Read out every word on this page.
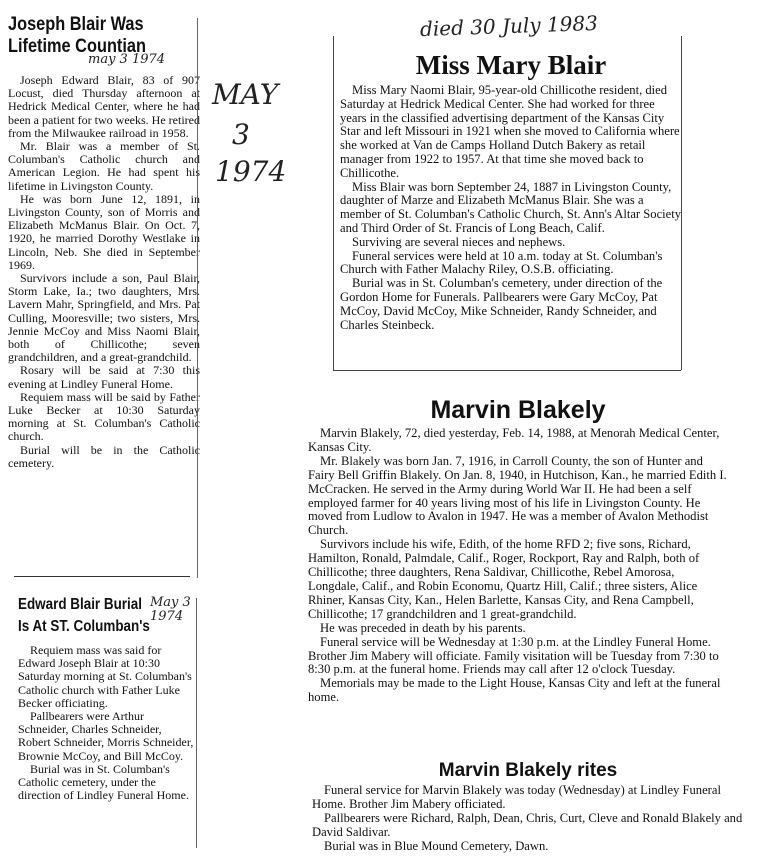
Joseph Blair Was
Lifetime Countian

Joseph Edward Blair, 83 of 907 Locust, died Thursday afternoon at Hedrick Medical Center, where he had been a patient for two weeks. He retired from the Milwaukee railroad in 1958.

Mr. Blair was a member of St. Columban's Catholic church and American Legion. He had spent his lifetime in Livingston County.

He was born June 12, 1891, in Livingston County, son of Morris and Elizabeth McManus Blair. On Oct. 7, 1920, he married Dorothy Westlake in Lincoln, Neb. She died in September 1969.

Survivors include a son, Paul Blair, Storm Lake, Ia.; two daughters, Mrs. Lavern Mahr, Springfield, and Mrs. Pat Culling, Mooresville; two sisters, Mrs. Jennie McCoy and Miss Naomi Blair, both of Chillicothe; seven grandchildren, and a great-grandchild.

Rosary will be said at 7:30 this evening at Lindley Funeral Home.

Requiem mass will be said by Father Luke Becker at 10:30 Saturday morning at St. Columban's Catholic church.

Burial will be in the Catholic cemetery.

may 3 1974
MAY
3
1974
Edward Blair Burial
Is At ST. Columban's

Requiem mass was said for Edward Joseph Blair at 10:30 Saturday morning at St. Columban's Catholic church with Father Luke Becker officiating.

Pallbearers were Arthur Schneider, Charles Schneider, Robert Schneider, Morris Schneider, Brownie McCoy, and Bill McCoy.

Burial was in St. Columban's Catholic cemetery, under the direction of Lindley Funeral Home.

May 3 1974
died 30 July 1983
Miss Mary Blair

Miss Mary Naomi Blair, 95-year-old Chillicothe resident, died Saturday at Hedrick Medical Center. She had worked for three years in the classified advertising department of the Kansas City Star and left Missouri in 1921 when she moved to California where she worked at Van de Camps Holland Dutch Bakery as retail manager from 1922 to 1957. At that time she moved back to Chillicothe.

Miss Blair was born September 24, 1887 in Livingston County, daughter of Marze and Elizabeth McManus Blair. She was a member of St. Columban's Catholic Church, St. Ann's Altar Society and Third Order of St. Francis of Long Beach, Calif.

Surviving are several nieces and nephews.

Funeral services were held at 10 a.m. today at St. Columban's Church with Father Malachy Riley, O.S.B. officiating.

Burial was in St. Columban's cemetery, under direction of the Gordon Home for Funerals. Pallbearers were Gary McCoy, Pat McCoy, David McCoy, Mike Schneider, Randy Schneider, and Charles Steinbeck.

Marvin Blakely

Marvin Blakely, 72, died yesterday, Feb. 14, 1988, at Menorah Medical Center, Kansas City.

Mr. Blakely was born Jan. 7, 1916, in Carroll County, the son of Hunter and Fairy Bell Griffin Blakely. On Jan. 8, 1940, in Hutchison, Kan., he married Edith I. McCracken. He served in the Army during World War II. He had been a self employed farmer for 40 years living most of his life in Livingston County. He moved from Ludlow to Avalon in 1947. He was a member of Avalon Methodist Church.

Survivors include his wife, Edith, of the home RFD 2; five sons, Richard, Hamilton, Ronald, Palmdale, Calif., Roger, Rockport, Ray and Ralph, both of Chillicothe; three daughters, Rena Saldivar, Chillicothe, Rebel Amorosa, Longdale, Calif., and Robin Economu, Quartz Hill, Calif.; three sisters, Alice Rhiner, Kansas City, Kan., Helen Barlette, Kansas City, and Rena Campbell, Chillicothe; 17 grandchildren and 1 great-grandchild.

He was preceded in death by his parents.

Funeral service will be Wednesday at 1:30 p.m. at the Lindley Funeral Home. Brother Jim Mabery will officiate. Family visitation will be Tuesday from 7:30 to 8:30 p.m. at the funeral home. Friends may call after 12 o'clock Tuesday.

Memorials may be made to the Light House, Kansas City and left at the funeral home.

Marvin Blakely rites

Funeral service for Marvin Blakely was today (Wednesday) at Lindley Funeral Home. Brother Jim Mabery officiated.

Pallbearers were Richard, Ralph, Dean, Chris, Curt, Cleve and Ronald Blakely and David Saldivar.

Burial was in Blue Mound Cemetery, Dawn.
